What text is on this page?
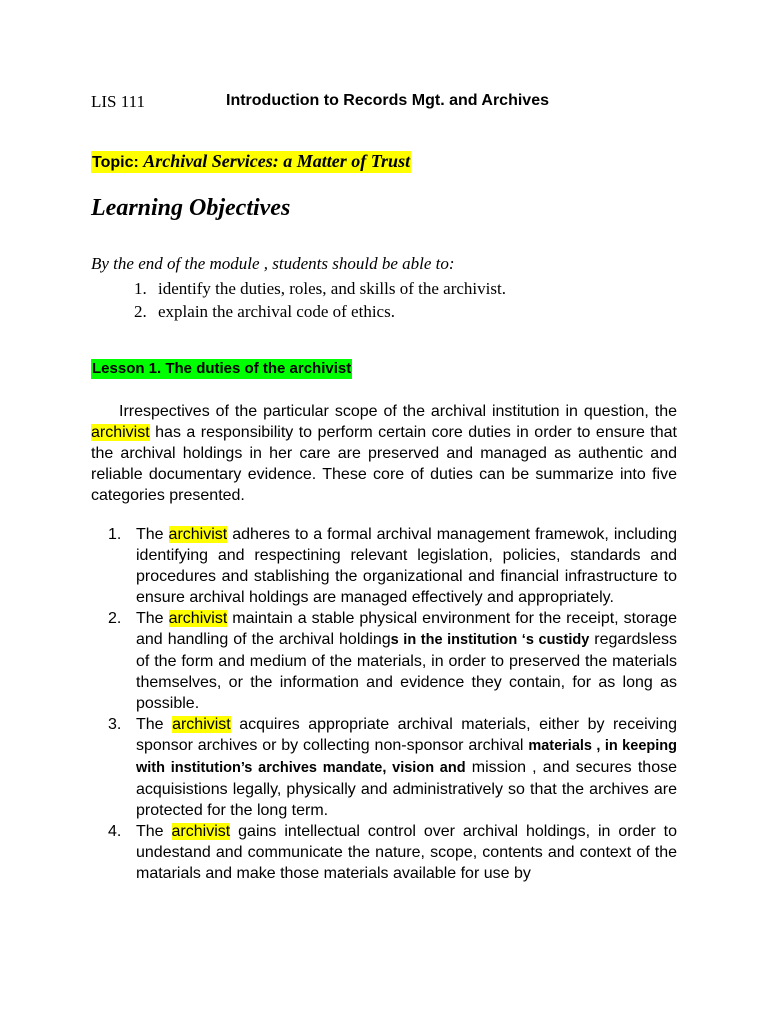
LIS 111	Introduction to Records Mgt. and Archives
Topic: Archival Services: a Matter of Trust
Learning Objectives
By the end of the module , students should be able to:
1. identify the duties, roles, and skills of the archivist.
2. explain the archival code of ethics.
Lesson 1. The duties of the archivist

Irrespectives of the particular scope of the archival institution in question, the archivist has a responsibility to perform certain core duties in order to ensure that the archival holdings in her care are preserved and managed as authentic and reliable documentary evidence. These core of duties can be summarize into five categories presented.

1. The archivist adheres to a formal archival management framewok, including identifying and respectining relevant legislation, policies, standards and procedures and stablishing the organizational and financial infrastructure to ensure archival holdings are managed effectively and appropriately.
2. The archivist maintain a stable physical environment for the receipt, storage and handling of the archival holdings in the institution ‘s custidy regardsless of the form and medium of the materials, in order to preserved the materials themselves, or the information and evidence they contain, for as long as possible.
3. The archivist acquires appropriate archival materials, either by receiving sponsor archives or by collecting non-sponsor archival materials , in keeping with institution’s archives mandate, vision and mission , and secures those acquisistions legally, physically and administratively so that the archives are protected for the long term.
4. The archivist gains intellectual control over archival holdings, in order to undestand and communicate the nature, scope, contents and context of the matarials and make those materials available for use by
